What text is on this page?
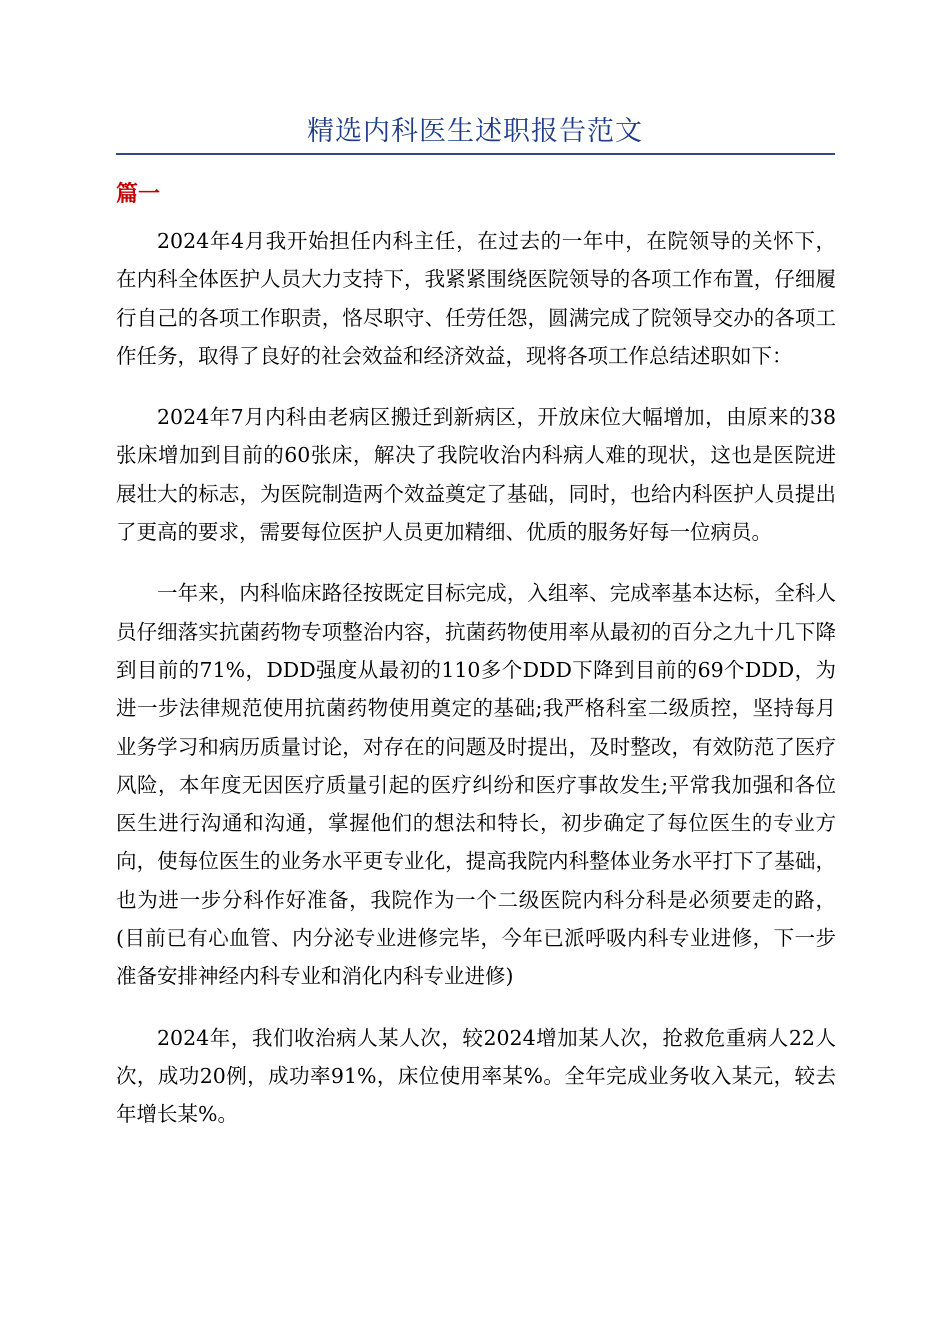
精选内科医生述职报告范文
篇一

2024年4月我开始担任内科主任，在过去的一年中，在院领导的关怀下，在内科全体医护人员大力支持下，我紧紧围绕医院领导的各项工作布置，仔细履行自己的各项工作职责，恪尽职守、任劳任怨，圆满完成了院领导交办的各项工作任务，取得了良好的社会效益和经济效益，现将各项工作总结述职如下：

2024年7月内科由老病区搬迁到新病区，开放床位大幅增加，由原来的38张床增加到目前的60张床，解决了我院收治内科病人难的现状，这也是医院进展壮大的标志，为医院制造两个效益奠定了基础，同时，也给内科医护人员提出了更高的要求，需要每位医护人员更加精细、优质的服务好每一位病员。

一年来，内科临床路径按既定目标完成，入组率、完成率基本达标，全科人员仔细落实抗菌药物专项整治内容，抗菌药物使用率从最初的百分之九十几下降到目前的71%，DDD强度从最初的110多个DDD下降到目前的69个DDD，为进一步法律规范使用抗菌药物使用奠定的基础;我严格科室二级质控，坚持每月业务学习和病历质量讨论，对存在的问题及时提出，及时整改，有效防范了医疗风险，本年度无因医疗质量引起的医疗纠纷和医疗事故发生;平常我加强和各位医生进行沟通和沟通，掌握他们的想法和特长，初步确定了每位医生的专业方向，使每位医生的业务水平更专业化，提高我院内科整体业务水平打下了基础，也为进一步分科作好准备，我院作为一个二级医院内科分科是必须要走的路，(目前已有心血管、内分泌专业进修完毕，今年已派呼吸内科专业进修，下一步准备安排神经内科专业和消化内科专业进修)

2024年，我们收治病人某人次，较2024增加某人次，抢救危重病人22人次，成功20例，成功率91%，床位使用率某%。全年完成业务收入某元，较去年增长某%。
